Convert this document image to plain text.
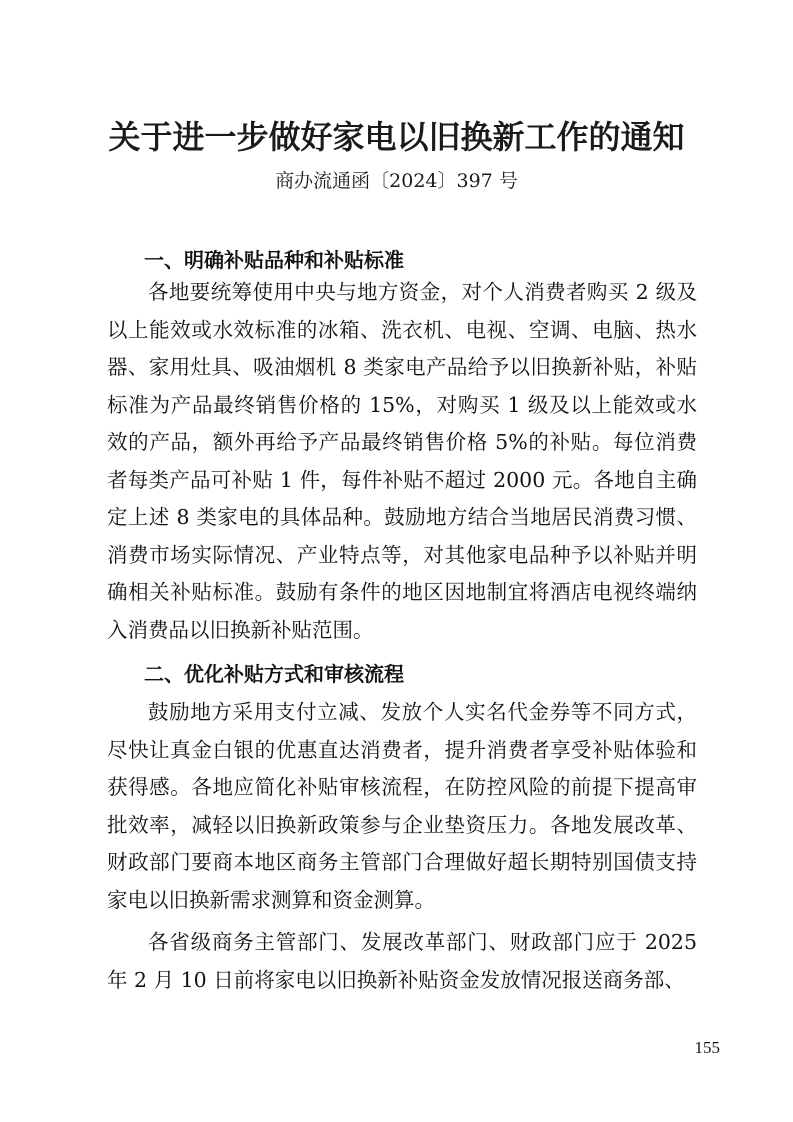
关于进一步做好家电以旧换新工作的通知
商办流通函〔2024〕397 号
一、明确补贴品种和补贴标准

各地要统筹使用中央与地方资金，对个人消费者购买 2 级及以上能效或水效标准的冰箱、洗衣机、电视、空调、电脑、热水器、家用灶具、吸油烟机 8 类家电产品给予以旧换新补贴，补贴标准为产品最终销售价格的 15%，对购买 1 级及以上能效或水效的产品，额外再给予产品最终销售价格 5%的补贴。每位消费者每类产品可补贴 1 件，每件补贴不超过 2000 元。各地自主确定上述 8 类家电的具体品种。鼓励地方结合当地居民消费习惯、消费市场实际情况、产业特点等，对其他家电品种予以补贴并明确相关补贴标准。鼓励有条件的地区因地制宜将酒店电视终端纳入消费品以旧换新补贴范围。

二、优化补贴方式和审核流程

鼓励地方采用支付立减、发放个人实名代金券等不同方式，尽快让真金白银的优惠直达消费者，提升消费者享受补贴体验和获得感。各地应简化补贴审核流程，在防控风险的前提下提高审批效率，减轻以旧换新政策参与企业垫资压力。各地发展改革、财政部门要商本地区商务主管部门合理做好超长期特别国债支持家电以旧换新需求测算和资金测算。

各省级商务主管部门、发展改革部门、财政部门应于 2025 年 2 月 10 日前将家电以旧换新补贴资金发放情况报送商务部、

155
